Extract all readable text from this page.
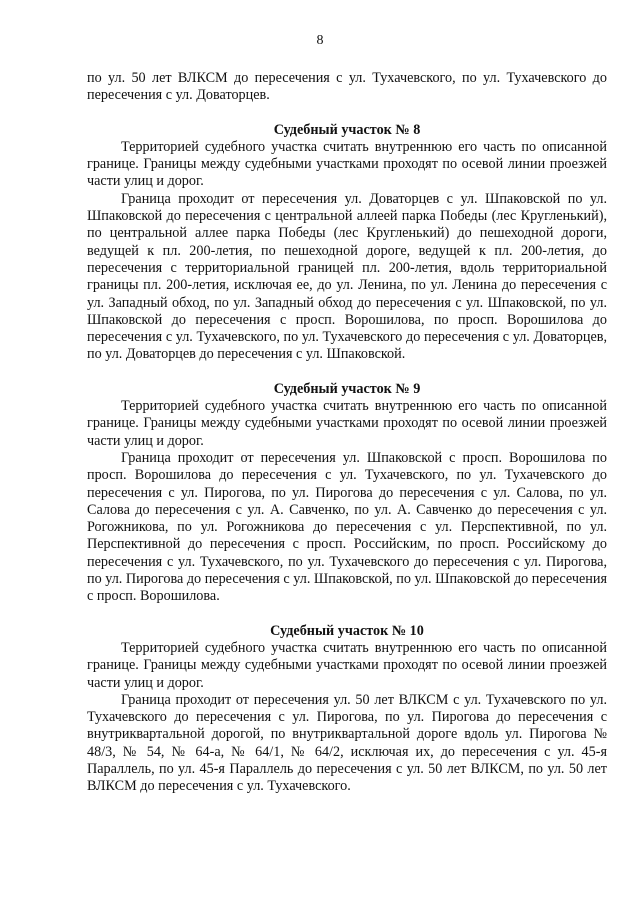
8

по ул. 50 лет ВЛКСМ до пересечения с ул. Тухачевского, по ул. Тухачевского до пересечения с ул. Доваторцев.

Судебный участок № 8

Территорией судебного участка считать внутреннюю его часть по описанной границе. Границы между судебными участками проходят по осевой линии проезжей части улиц и дорог.

Граница проходит от пересечения ул. Доваторцев с ул. Шпаковской по ул. Шпаковской до пересечения с центральной аллеей парка Победы (лес Кругленький), по центральной аллее парка Победы (лес Кругленький) до пешеходной дороги, ведущей к пл. 200-летия, по пешеходной дороге, ведущей к пл. 200-летия, до пересечения с территориальной границей пл. 200-летия, вдоль территориальной границы пл. 200-летия, исключая ее, до ул. Ленина, по ул. Ленина до пересечения с ул. Западный обход, по ул. Западный обход до пересечения с ул. Шпаковской, по ул. Шпаковской до пересечения с просп. Ворошилова, по просп. Ворошилова до пересечения с ул. Тухачевского, по ул. Тухачевского до пересечения с ул. Доваторцев, по ул. Доваторцев до пересечения с ул. Шпаковской.

Судебный участок № 9

Территорией судебного участка считать внутреннюю его часть по описанной границе. Границы между судебными участками проходят по осевой линии проезжей части улиц и дорог.

Граница проходит от пересечения ул. Шпаковской с просп. Ворошилова по просп. Ворошилова до пересечения с ул. Тухачевского, по ул. Тухачевского до пересечения с ул. Пирогова, по ул. Пирогова до пересечения с ул. Салова, по ул. Салова до пересечения с ул. А. Савченко, по ул. А. Савченко до пересечения с ул. Рогожникова, по ул. Рогожникова до пересечения с ул. Перспективной, по ул. Перспективной до пересечения с просп. Российским, по просп. Российскому до пересечения с ул. Тухачевского, по ул. Тухачевского до пересечения с ул. Пирогова, по ул. Пирогова до пересечения с ул. Шпаковской, по ул. Шпаковской до пересечения с просп. Ворошилова.

Судебный участок № 10

Территорией судебного участка считать внутреннюю его часть по описанной границе. Границы между судебными участками проходят по осевой линии проезжей части улиц и дорог.

Граница проходит от пересечения ул. 50 лет ВЛКСМ с ул. Тухачевского по ул. Тухачевского до пересечения с ул. Пирогова, по ул. Пирогова до пересечения с внутриквартальной дорогой, по внутриквартальной дороге вдоль ул. Пирогова № 48/3, № 54, № 64-а, № 64/1, № 64/2, исключая их, до пересечения с ул. 45-я Параллель, по ул. 45-я Параллель до пересечения с ул. 50 лет ВЛКСМ, по ул. 50 лет ВЛКСМ до пересечения с ул. Тухачевского.
